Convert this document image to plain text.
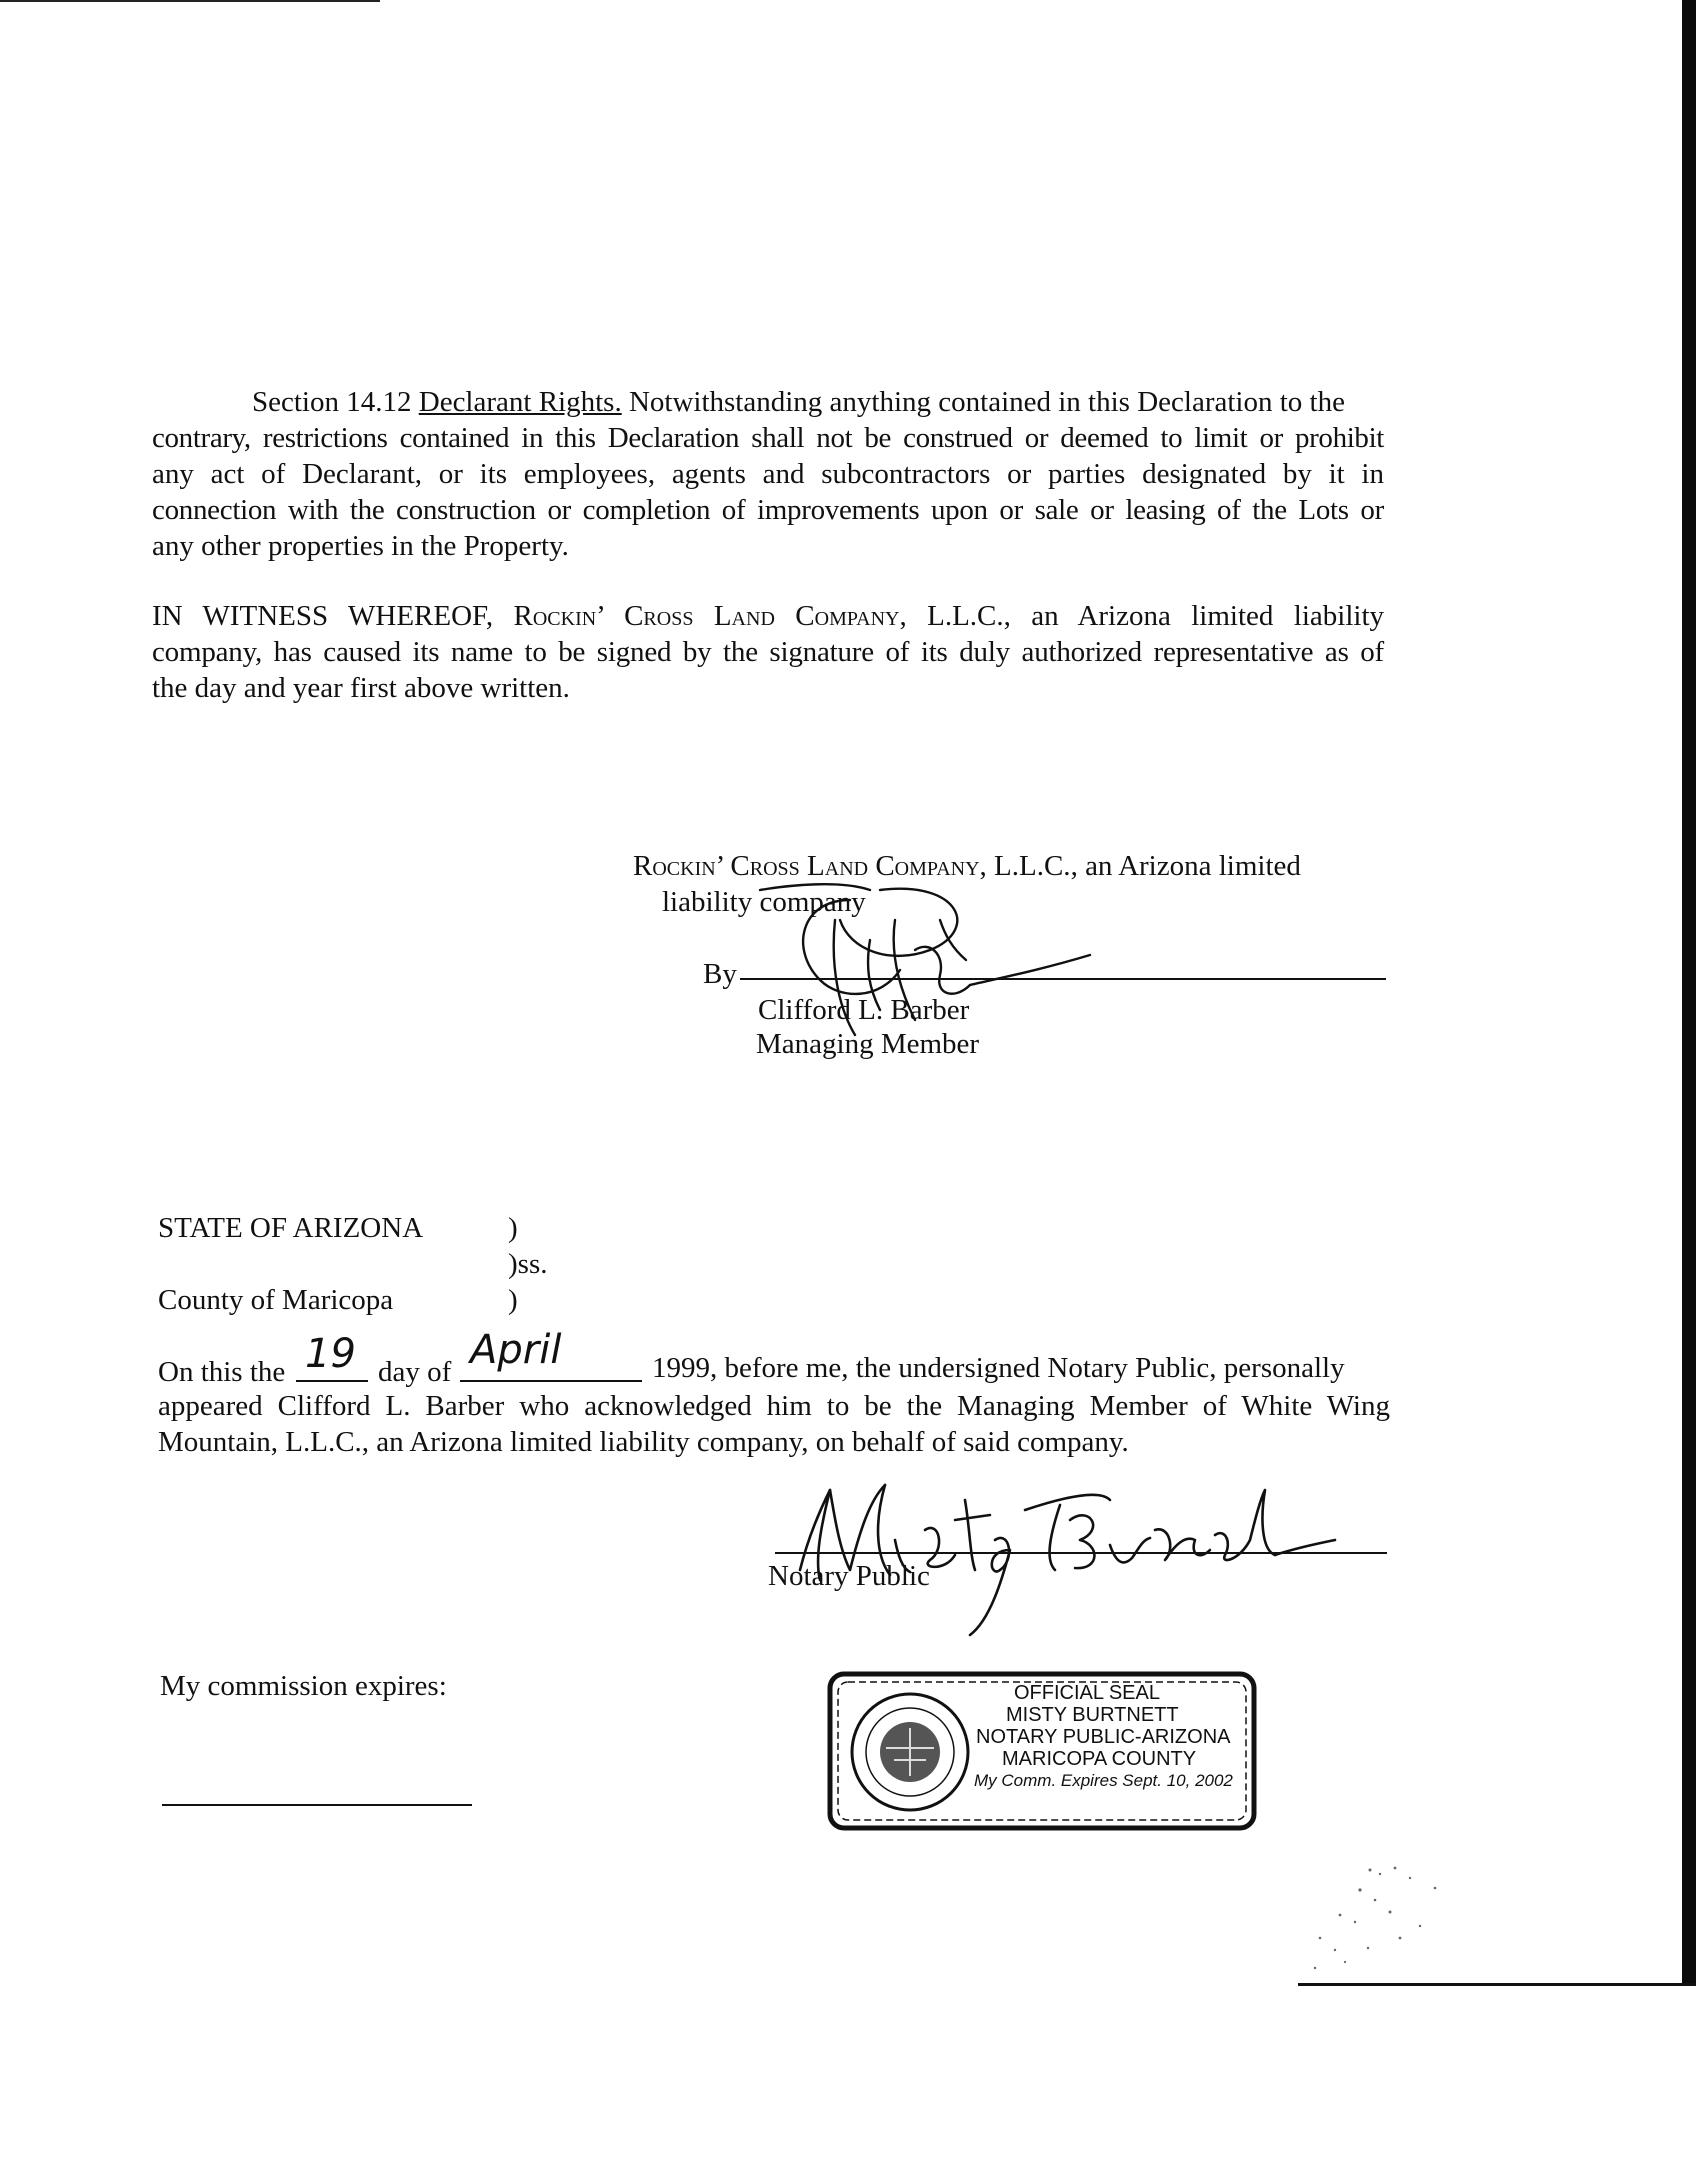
Section 14.12 Declarant Rights. Notwithstanding anything contained in this Declaration to the
contrary, restrictions contained in this Declaration shall not be construed or deemed to limit or prohibit
any act of Declarant, or its employees, agents and subcontractors or parties designated by it in
connection with the construction or completion of improvements upon or sale or leasing of the Lots or
any other properties in the Property.
IN WITNESS WHEREOF, Rockin’ Cross Land Company, L.L.C., an Arizona limited liability
company, has caused its name to be signed by the signature of its duly authorized representative as of
the day and year first above written.
Rockin’ Cross Land Company, L.L.C., an Arizona limited
liability company
By
Clifford L. Barber
Managing Member
STATE OF ARIZONA	)
)ss.
County of Maricopa	)
On this the 19 day of April	1999, before me, the undersigned Notary Public, personally
appeared Clifford L. Barber who acknowledged him to be the Managing Member of White Wing
Mountain, L.L.C., an Arizona limited liability company, on behalf of said company.
Notary Public
My commission expires:	OFFICIAL SEAL
MISTY BURTNETT
NOTARY PUBLIC-ARIZONA
MARICOPA COUNTY
My Comm. Expires Sept. 10, 2002
